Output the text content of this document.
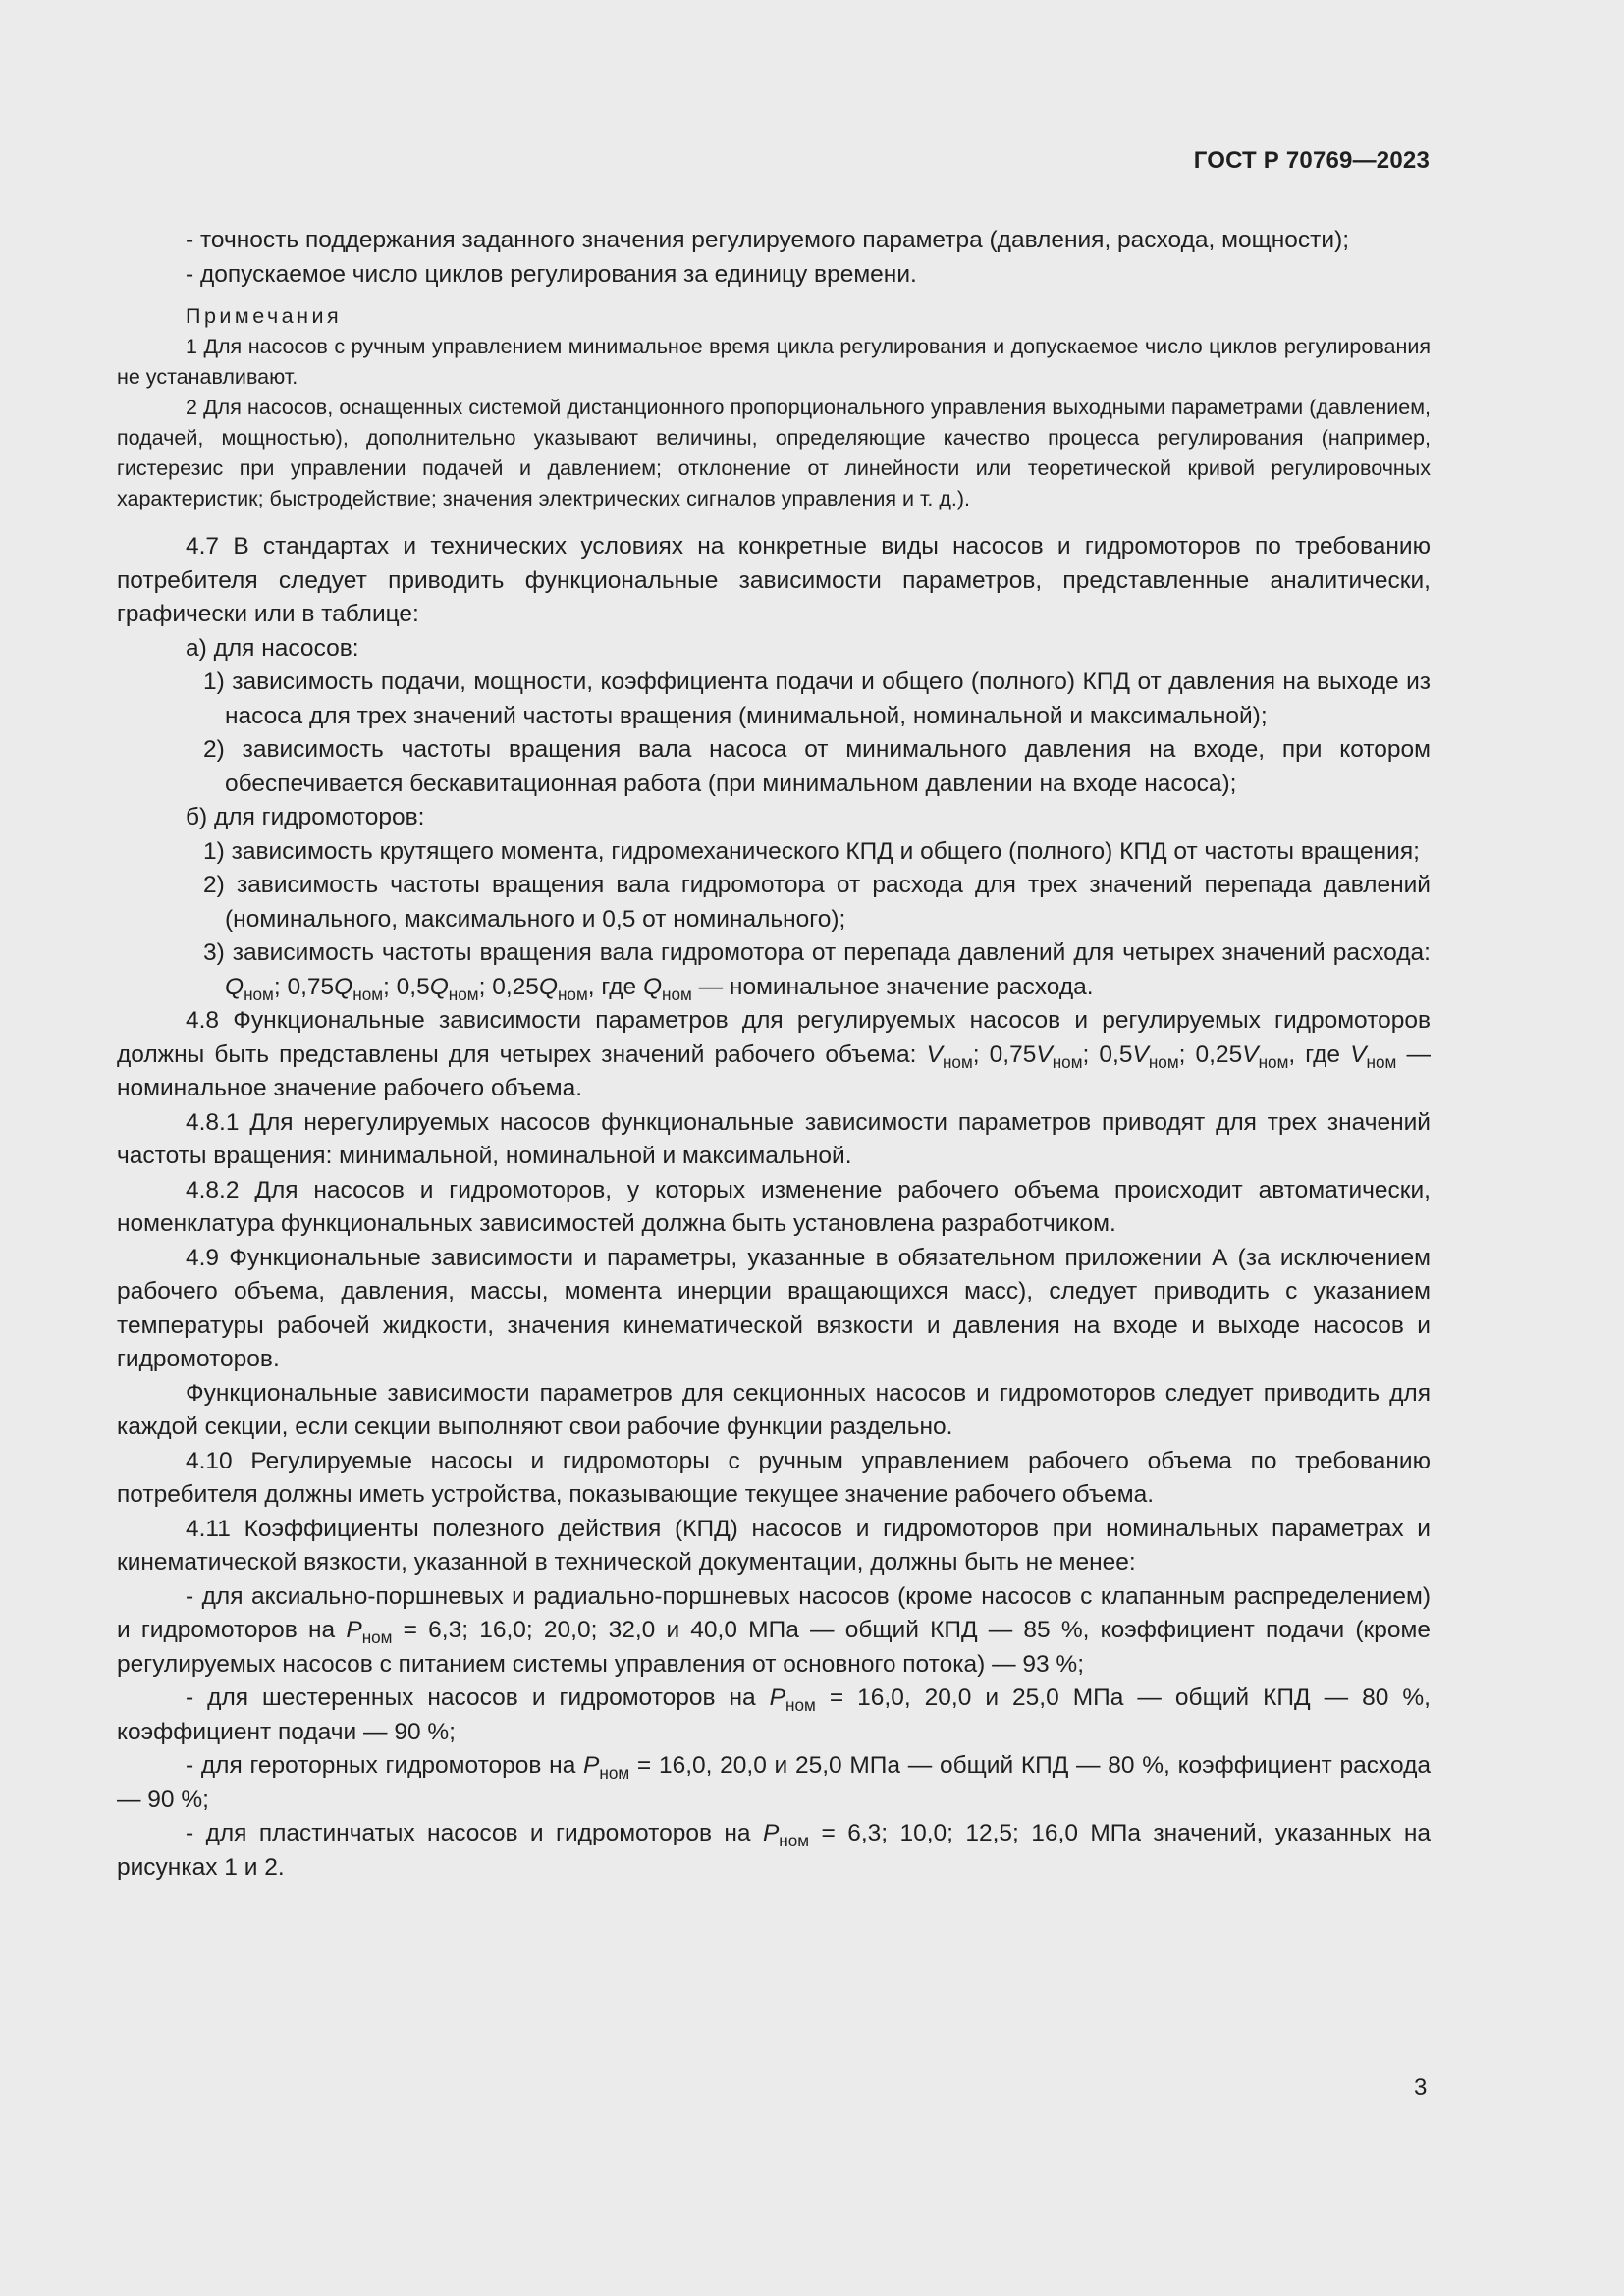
ГОСТ Р 70769—2023

- точность поддержания заданного значения регулируемого параметра (давления, расхода, мощности);

- допускаемое число циклов регулирования за единицу времени.

Примечания

1 Для насосов с ручным управлением минимальное время цикла регулирования и допускаемое число циклов регулирования не устанавливают.

2 Для насосов, оснащенных системой дистанционного пропорционального управления выходными параметрами (давлением, подачей, мощностью), дополнительно указывают величины, определяющие качество процесса регулирования (например, гистерезис при управлении подачей и давлением; отклонение от линейности или теоретической кривой регулировочных характеристик; быстродействие; значения электрических сигналов управления и т. д.).

4.7 В стандартах и технических условиях на конкретные виды насосов и гидромоторов по требованию потребителя следует приводить функциональные зависимости параметров, представленные аналитически, графически или в таблице:

а) для насосов:

1) зависимость подачи, мощности, коэффициента подачи и общего (полного) КПД от давления на выходе из насоса для трех значений частоты вращения (минимальной, номинальной и максимальной);

2) зависимость частоты вращения вала насоса от минимального давления на входе, при котором обеспечивается бескавитационная работа (при минимальном давлении на входе насоса);

б) для гидромоторов:

1) зависимость крутящего момента, гидромеханического КПД и общего (полного) КПД от частоты вращения;

2) зависимость частоты вращения вала гидромотора от расхода для трех значений перепада давлений (номинального, максимального и 0,5 от номинального);

3) зависимость частоты вращения вала гидромотора от перепада давлений для четырех значений расхода: $Q_{ном}$; $0,75Q_{ном}$; $0,5Q_{ном}$; $0,25Q_{ном}$, где $Q_{ном}$ — номинальное значение расхода.

4.8 Функциональные зависимости параметров для регулируемых насосов и регулируемых гидромоторов должны быть представлены для четырех значений рабочего объема: $V_{ном}$; $0,75V_{ном}$; $0,5V_{ном}$; $0,25V_{ном}$, где $V_{ном}$ — номинальное значение рабочего объема.

4.8.1 Для нерегулируемых насосов функциональные зависимости параметров приводят для трех значений частоты вращения: минимальной, номинальной и максимальной.

4.8.2 Для насосов и гидромоторов, у которых изменение рабочего объема происходит автоматически, номенклатура функциональных зависимостей должна быть установлена разработчиком.

4.9 Функциональные зависимости и параметры, указанные в обязательном приложении А (за исключением рабочего объема, давления, массы, момента инерции вращающихся масс), следует приводить с указанием температуры рабочей жидкости, значения кинематической вязкости и давления на входе и выходе насосов и гидромоторов.

Функциональные зависимости параметров для секционных насосов и гидромоторов следует приводить для каждой секции, если секции выполняют свои рабочие функции раздельно.

4.10 Регулируемые насосы и гидромоторы с ручным управлением рабочего объема по требованию потребителя должны иметь устройства, показывающие текущее значение рабочего объема.

4.11 Коэффициенты полезного действия (КПД) насосов и гидромоторов при номинальных параметрах и кинематической вязкости, указанной в технической документации, должны быть не менее:

- для аксиально-поршневых и радиально-поршневых насосов (кроме насосов с клапанным распределением) и гидромоторов на $P_{ном} = 6,3$; 16,0; 20,0; 32,0 и 40,0 МПа — общий КПД — 85 %, коэффициент подачи (кроме регулируемых насосов с питанием системы управления от основного потока) — 93 %;

- для шестеренных насосов и гидромоторов на $P_{ном} = 16,0$, 20,0 и 25,0 МПа — общий КПД — 80 %, коэффициент подачи — 90 %;

- для героторных гидромоторов на $P_{ном} = 16,0$, 20,0 и 25,0 МПа — общий КПД — 80 %, коэффициент расхода — 90 %;

- для пластинчатых насосов и гидромоторов на $P_{ном} = 6,3$; 10,0; 12,5; 16,0 МПа значений, указанных на рисунках 1 и 2.

3
